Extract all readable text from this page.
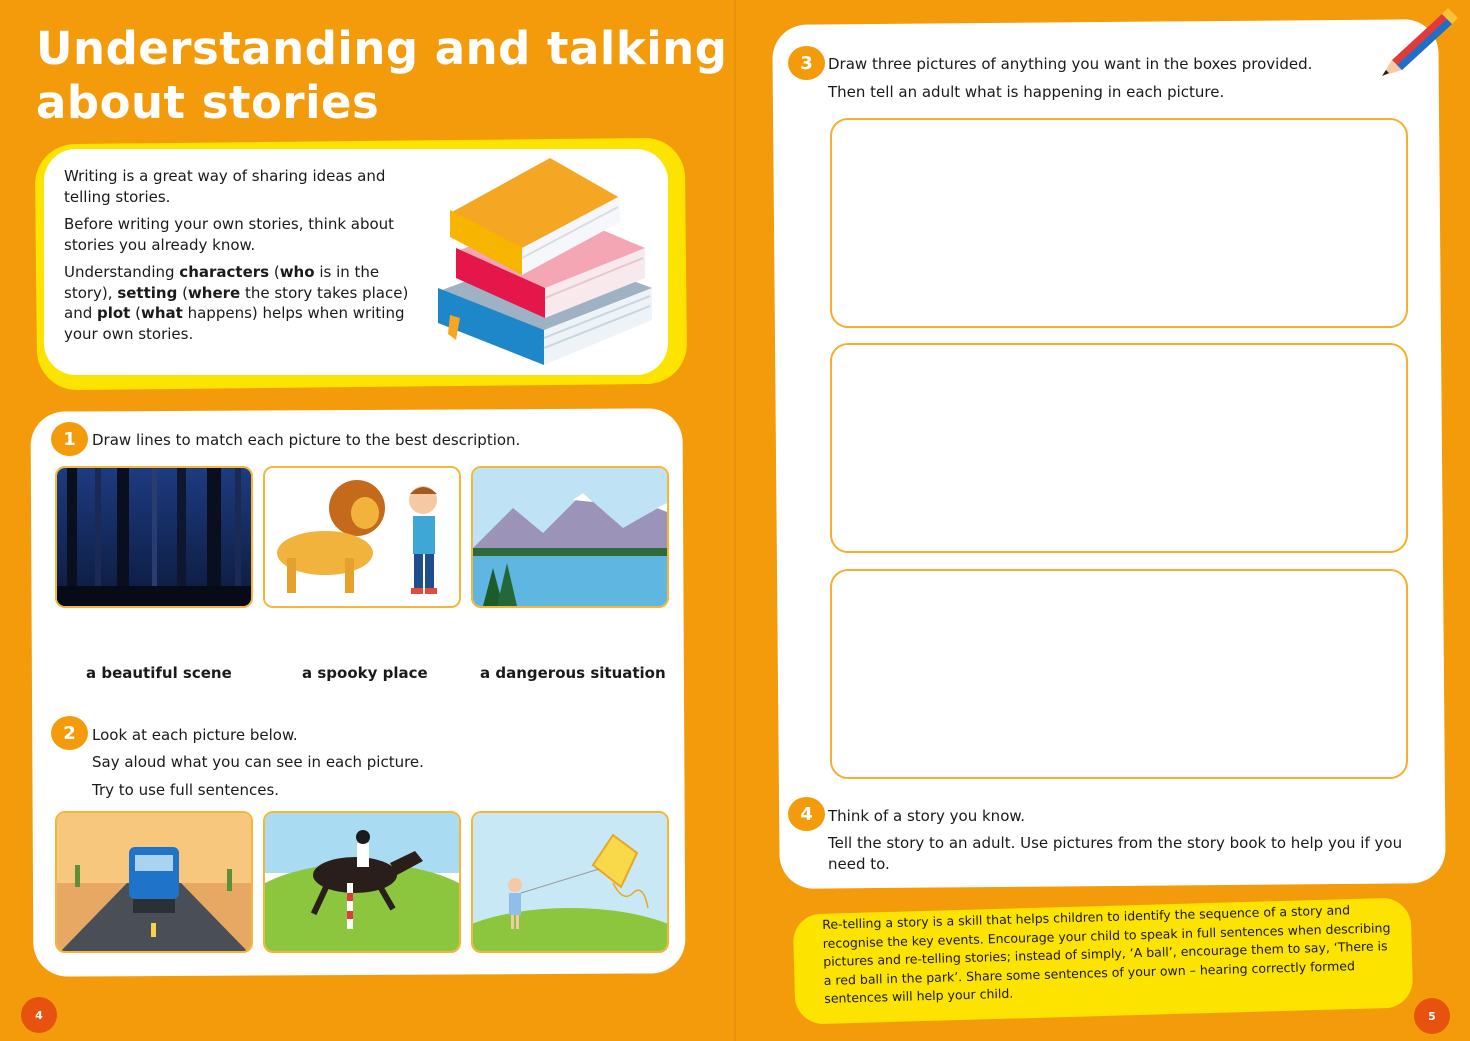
Understanding and talking
about stories

Writing is a great way of sharing ideas and telling stories.

Before writing your own stories, think about stories you already know.

Understanding characters (who is in the story), setting (where the story takes place) and plot (what happens) helps when writing your own stories.

1	Draw lines to match each picture to the best description.
a beautiful scene	a spooky place	a dangerous situation
2	Look at each picture below.
Say aloud what you can see in each picture.
Try to use full sentences.
4
3	Draw three pictures of anything you want in the boxes provided.
Then tell an adult what is happening in each picture.
4	Think of a story you know.
Tell the story to an adult. Use pictures from the story book to help you if you
need to.
Re-telling a story is a skill that helps children to identify the sequence of a story and recognise the key events. Encourage your child to speak in full sentences when describing pictures and re-telling stories; instead of simply, ‘A ball’, encourage them to say, ‘There is a red ball in the park’. Share some sentences of your own – hearing correctly formed sentences will help your child.
5
